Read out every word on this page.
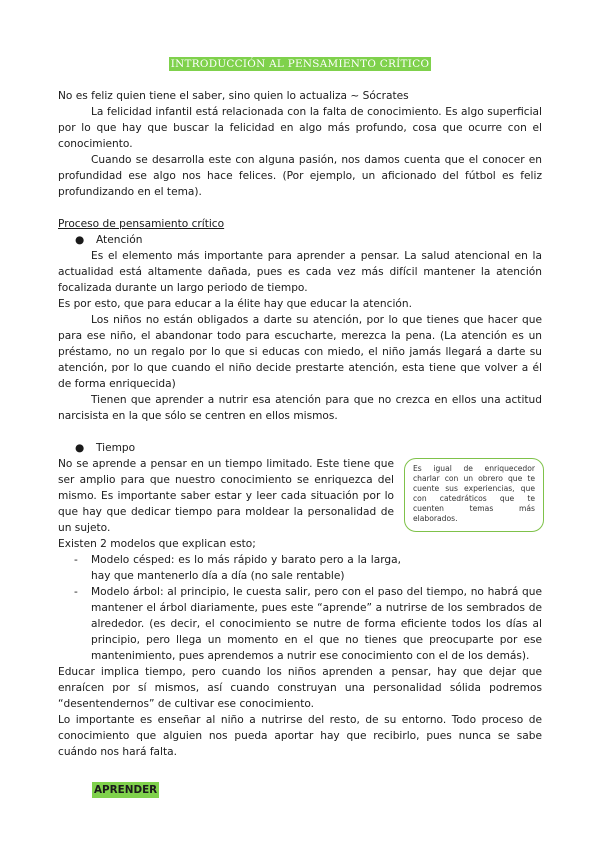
INTRODUCCIÓN AL PENSAMIENTO CRÍTICO

No es feliz quien tiene el saber, sino quien lo actualiza ~ Sócrates

La felicidad infantil está relacionada con la falta de conocimiento. Es algo superficial por lo que hay que buscar la felicidad en algo más profundo, cosa que ocurre con el conocimiento.

Cuando se desarrolla este con alguna pasión, nos damos cuenta que el conocer en profundidad ese algo nos hace felices. (Por ejemplo, un aficionado del fútbol es feliz profundizando en el tema).

Proceso de pensamiento crítico

● Atención

Es el elemento más importante para aprender a pensar. La salud atencional en la actualidad está altamente dañada, pues es cada vez más difícil mantener la atención focalizada durante un largo periodo de tiempo.

Es por esto, que para educar a la élite hay que educar la atención.

Los niños no están obligados a darte su atención, por lo que tienes que hacer que para ese niño, el abandonar todo para escucharte, merezca la pena. (La atención es un préstamo, no un regalo por lo que si educas con miedo, el niño jamás llegará a darte su atención, por lo que cuando el niño decide prestarte atención, esta tiene que volver a él de forma enriquecida)

Tienen que aprender a nutrir esa atención para que no crezca en ellos una actitud narcisista en la que sólo se centren en ellos mismos.

● Tiempo

No se aprende a pensar en un tiempo limitado. Este tiene que ser amplio para que nuestro conocimiento se enriquezca del mismo. Es importante saber estar y leer cada situación por lo que hay que dedicar tiempo para moldear la personalidad de un sujeto.

Es igual de enriquecedor charlar con un obrero que te cuente sus experiencias, que con catedráticos que te cuenten temas más elaborados.

Existen 2 modelos que explican esto;

- Modelo césped: es lo más rápido y barato pero a la larga, hay que mantenerlo día a día (no sale rentable)

- Modelo árbol: al principio, le cuesta salir, pero con el paso del tiempo, no habrá que mantener el árbol diariamente, pues este “aprende” a nutrirse de los sembrados de alrededor. (es decir, el conocimiento se nutre de forma eficiente todos los días al principio, pero llega un momento en el que no tienes que preocuparte por ese mantenimiento, pues aprendemos a nutrir ese conocimiento con el de los demás).

Educar implica tiempo, pero cuando los niños aprenden a pensar, hay que dejar que enraícen por sí mismos, así cuando construyan una personalidad sólida podremos “desentendernos” de cultivar ese conocimiento.

Lo importante es enseñar al niño a nutrirse del resto, de su entorno. Todo proceso de conocimiento que alguien nos pueda aportar hay que recibirlo, pues nunca se sabe cuándo nos hará falta.

APRENDER
